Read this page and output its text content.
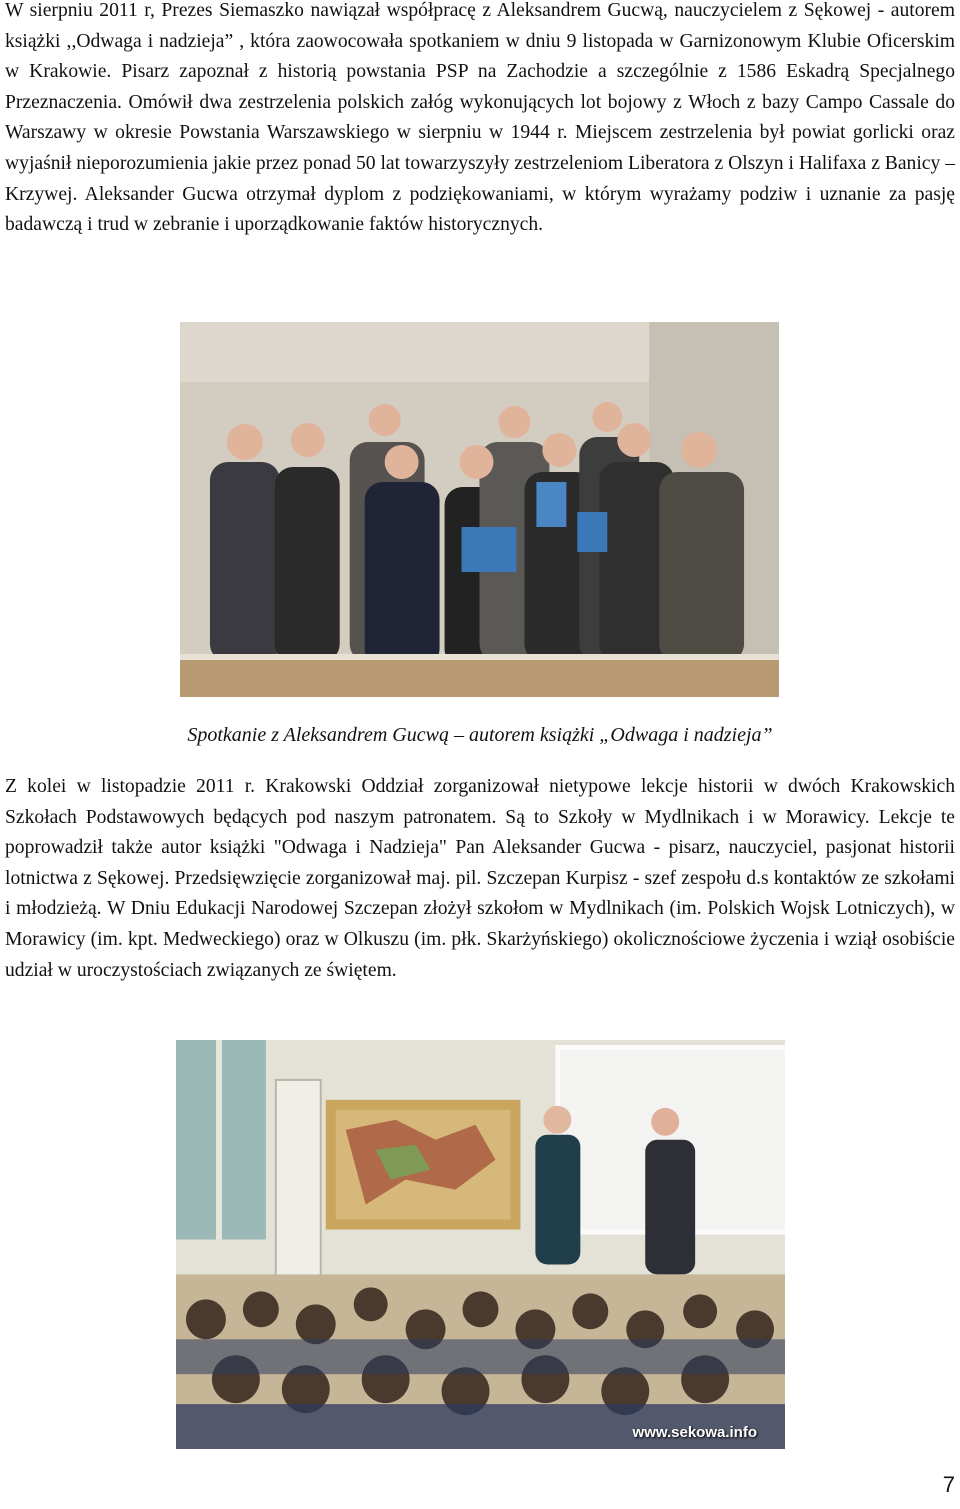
W sierpniu 2011 r, Prezes Siemaszko nawiązał współpracę z Aleksandrem Gucwą, nauczycielem z Sękowej - autorem książki ,,Odwaga i nadzieja” , która zaowocowała spotkaniem w dniu 9 listopada w Garnizonowym Klubie Oficerskim w Krakowie. Pisarz zapoznał z historią powstania PSP na Zachodzie a szczególnie z 1586 Eskadrą Specjalnego Przeznaczenia. Omówił dwa zestrzelenia polskich załóg wykonujących lot bojowy z Włoch z bazy Campo Cassale do Warszawy w okresie Powstania Warszawskiego w sierpniu w 1944 r. Miejscem zestrzelenia był powiat gorlicki oraz wyjaśnił nieporozumienia jakie przez ponad 50 lat towarzyszyły zestrzeleniom Liberatora z Olszyn i Halifaxa z Banicy – Krzywej. Aleksander Gucwa otrzymał dyplom z podziękowaniami, w którym wyrażamy podziw i uznanie za pasję badawczą i trud w zebranie i uporządkowanie faktów historycznych.

Spotkanie z Aleksandrem Gucwą – autorem książki „Odwaga i nadzieja”

Z kolei w listopadzie 2011 r. Krakowski Oddział zorganizował nietypowe lekcje historii w dwóch Krakowskich Szkołach Podstawowych będących pod naszym patronatem. Są to Szkoły w Mydlnikach i w Morawicy. Lekcje te poprowadził także autor książki "Odwaga i Nadzieja" Pan Aleksander Gucwa - pisarz, nauczyciel, pasjonat historii lotnictwa z Sękowej. Przedsięwzięcie zorganizował maj. pil. Szczepan Kurpisz - szef zespołu d.s kontaktów ze szkołami i młodzieżą. W Dniu Edukacji Narodowej Szczepan złożył szkołom w Mydlnikach (im. Polskich Wojsk Lotniczych), w Morawicy (im. kpt. Medweckiego) oraz w Olkuszu (im. płk. Skarżyńskiego) okolicznościowe życzenia i wziął osobiście udział w uroczystościach związanych ze świętem.

www.sekowa.info
7
